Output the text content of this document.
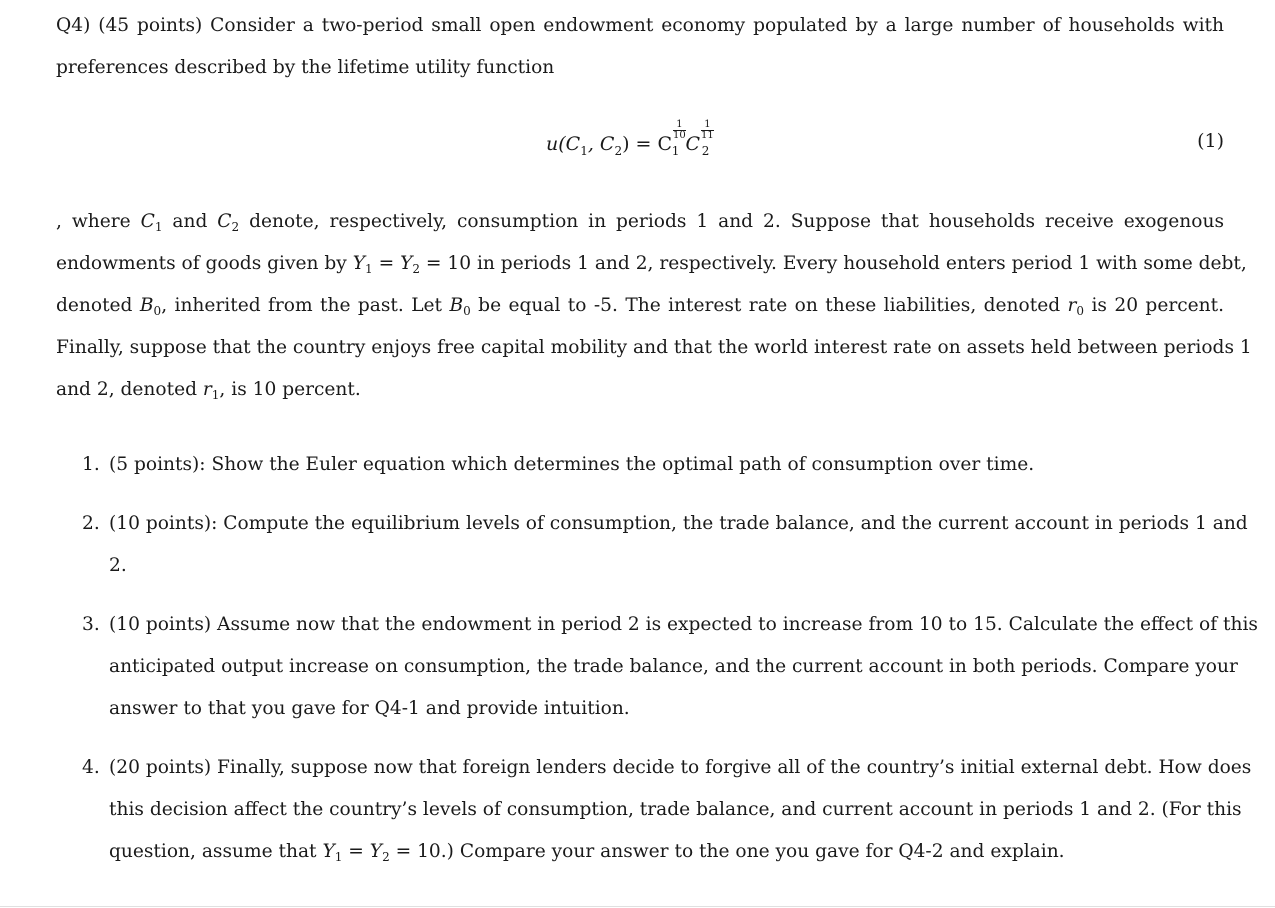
Q4) (45 points) Consider a two-period small open endowment economy populated by a large number of households with
preferences described by the lifetime utility function
$u(C_1$, $C_2) = C$
$\frac{1}{10}$
$_1$ C
$\frac{1}{11}$
$_2$	(1)
, where $C_1$ and $C_2$ denote, respectively, consumption in periods 1 and 2. Suppose that households receive exogenous
endowments of goods given by $Y_1 = Y_2 = 10$ in periods 1 and 2, respectively. Every household enters period 1 with some debt,
denoted $B_0$, inherited from the past. Let $B_0$ be equal to -5. The interest rate on these liabilities, denoted $r_0$ is 20 percent.
Finally, suppose that the country enjoys free capital mobility and that the world interest rate on assets held between periods 1
and 2, denoted $r_1$, is 10 percent.
1. (5 points): Show the Euler equation which determines the optimal path of consumption over time.
2. (10 points): Compute the equilibrium levels of consumption, the trade balance, and the current account in periods 1 and
2.
3. (10 points) Assume now that the endowment in period 2 is expected to increase from 10 to 15. Calculate the effect of this
anticipated output increase on consumption, the trade balance, and the current account in both periods. Compare your
answer to that you gave for Q4-1 and provide intuition.
4. (20 points) Finally, suppose now that foreign lenders decide to forgive all of the country’s initial external debt. How does
this decision affect the country’s levels of consumption, trade balance, and current account in periods 1 and 2. (For this
question, assume that $Y_1 = Y_2 = 10$.) Compare your answer to the one you gave for Q4-2 and explain.
